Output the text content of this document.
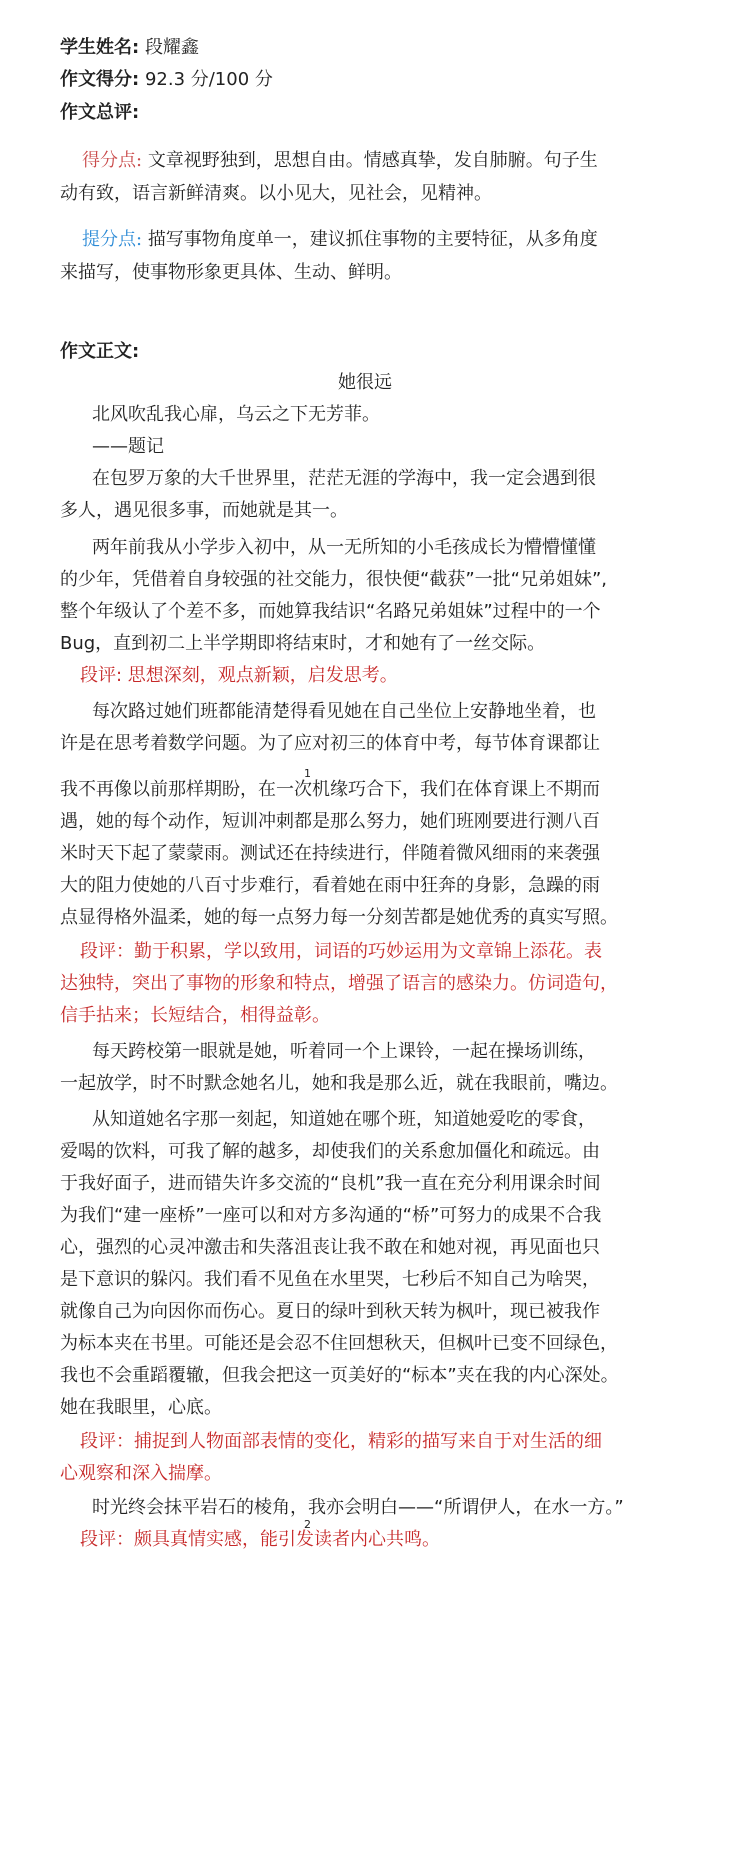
学生姓名: 段耀鑫
作文得分: 92.3 分/100 分
作文总评:
得分点: 文章视野独到，思想自由。情感真挚，发自肺腑。句子生
动有致，语言新鲜清爽。以小见大，见社会，见精神。
提分点: 描写事物角度单一，建议抓住事物的主要特征，从多角度
来描写，使事物形象更具体、生动、鲜明。
作文正文:
她很远
北风吹乱我心扉，乌云之下无芳菲。
——题记
在包罗万象的大千世界里，茫茫无涯的学海中，我一定会遇到很
多人，遇见很多事，而她就是其一。
两年前我从小学步入初中，从一无所知的小毛孩成长为懵懵懂懂
的少年，凭借着自身较强的社交能力，很快便“截获”一批“兄弟姐妹”,
整个年级认了个差不多，而她算我结识“名路兄弟姐妹”过程中的一个
Bug，直到初二上半学期即将结束时，才和她有了一丝交际。
段评: 思想深刻，观点新颖，启发思考。
每次路过她们班都能清楚得看见她在自己坐位上安静地坐着，也
许是在思考着数学问题。为了应对初三的体育中考，每节体育课都让
1
我不再像以前那样期盼，在一次机缘巧合下，我们在体育课上不期而
遇，她的每个动作，短训冲刺都是那么努力，她们班刚要进行测八百
米时天下起了蒙蒙雨。测试还在持续进行，伴随着微风细雨的来袭强
大的阻力使她的八百寸步难行，看着她在雨中狂奔的身影，急躁的雨
点显得格外温柔，她的每一点努力每一分刻苦都是她优秀的真实写照。
段评：勤于积累，学以致用，词语的巧妙运用为文章锦上添花。表
达独特，突出了事物的形象和特点，增强了语言的感染力。仿词造句，
信手拈来；长短结合，相得益彰。
每天跨校第一眼就是她，听着同一个上课铃，一起在操场训练，
一起放学，时不时默念她名儿，她和我是那么近，就在我眼前，嘴边。
从知道她名字那一刻起，知道她在哪个班，知道她爱吃的零食，
爱喝的饮料，可我了解的越多，却使我们的关系愈加僵化和疏远。由
于我好面子，进而错失许多交流的“良机”我一直在充分利用课余时间
为我们“建一座桥”一座可以和对方多沟通的“桥”可努力的成果不合我
心，强烈的心灵冲激击和失落沮丧让我不敢在和她对视，再见面也只
是下意识的躲闪。我们看不见鱼在水里哭，七秒后不知自己为啥哭，
就像自己为向因你而伤心。夏日的绿叶到秋天转为枫叶，现已被我作
为标本夹在书里。可能还是会忍不住回想秋天，但枫叶已变不回绿色，
我也不会重蹈覆辙，但我会把这一页美好的“标本”夹在我的内心深处。
她在我眼里，心底。
段评：捕捉到人物面部表情的变化，精彩的描写来自于对生活的细
心观察和深入揣摩。
时光终会抹平岩石的棱角，我亦会明白——“所谓伊人，在水一方。”
2
段评：颇具真情实感，能引发读者内心共鸣。
